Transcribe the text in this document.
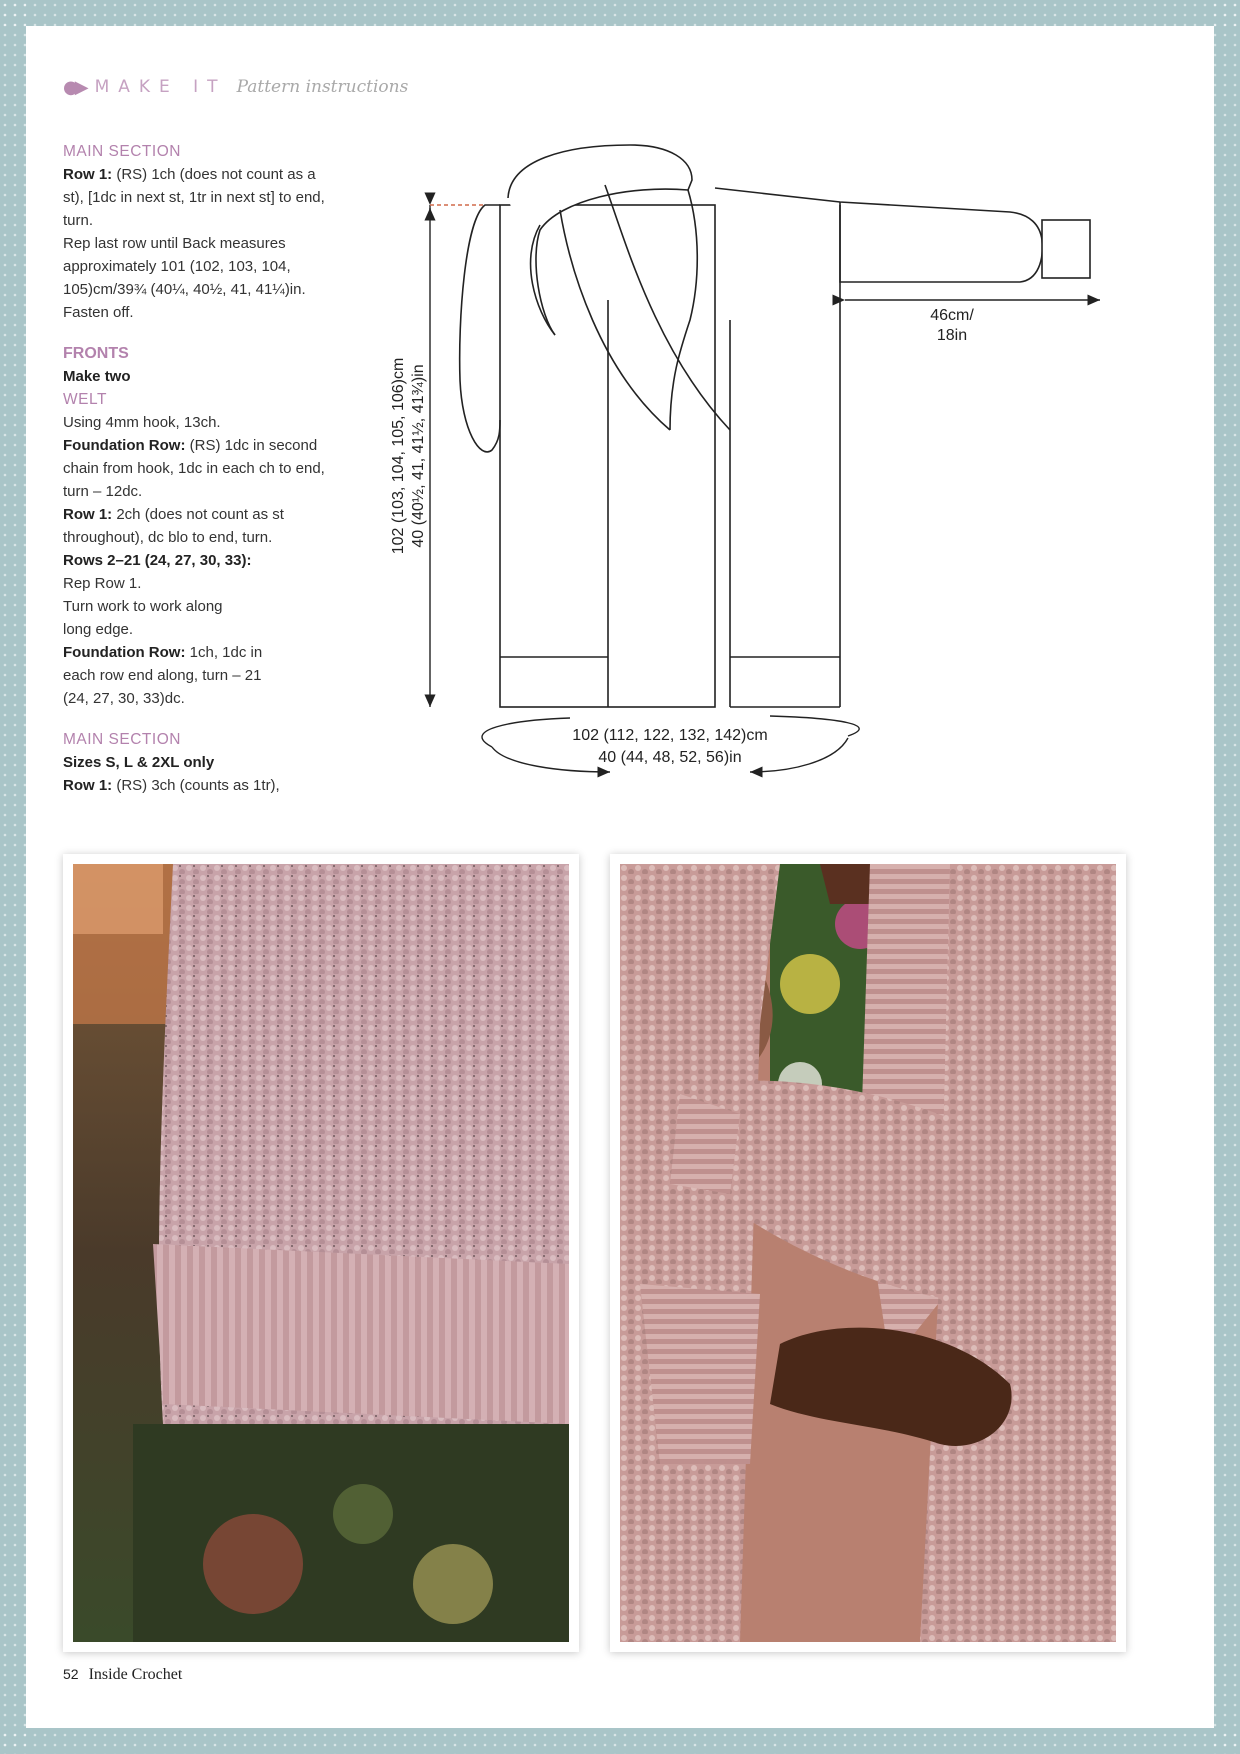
●▶ MAKE IT Pattern instructions

MAIN SECTION

Row 1: (RS) 1ch (does not count as a st), [1dc in next st, 1tr in next st] to end, turn.

Rep last row until Back measures approximately 101 (102, 103, 104, 105)cm/39¾ (40¼, 40½, 41, 41¼)in.

Fasten off.

FRONTS

Make two

WELT

Using 4mm hook, 13ch.

Foundation Row: (RS) 1dc in second chain from hook, 1dc in each ch to end, turn – 12dc.

Row 1: 2ch (does not count as st throughout), dc blo to end, turn.

Rows 2–21 (24, 27, 30, 33):

Rep Row 1.

Turn work to work along long edge.

Foundation Row: 1ch, 1dc in each row end along, turn – 21 (24, 27, 30, 33)dc.

MAIN SECTION

Sizes S, L & 2XL only

Row 1: (RS) 3ch (counts as 1tr),

102 (103, 104, 105, 106)cm 40 (40½, 41, 41½, 41¾)in
46cm/
18in
102 (112, 122, 132, 142)cm
40 (44, 48, 52, 56)in
52 Inside Crochet
